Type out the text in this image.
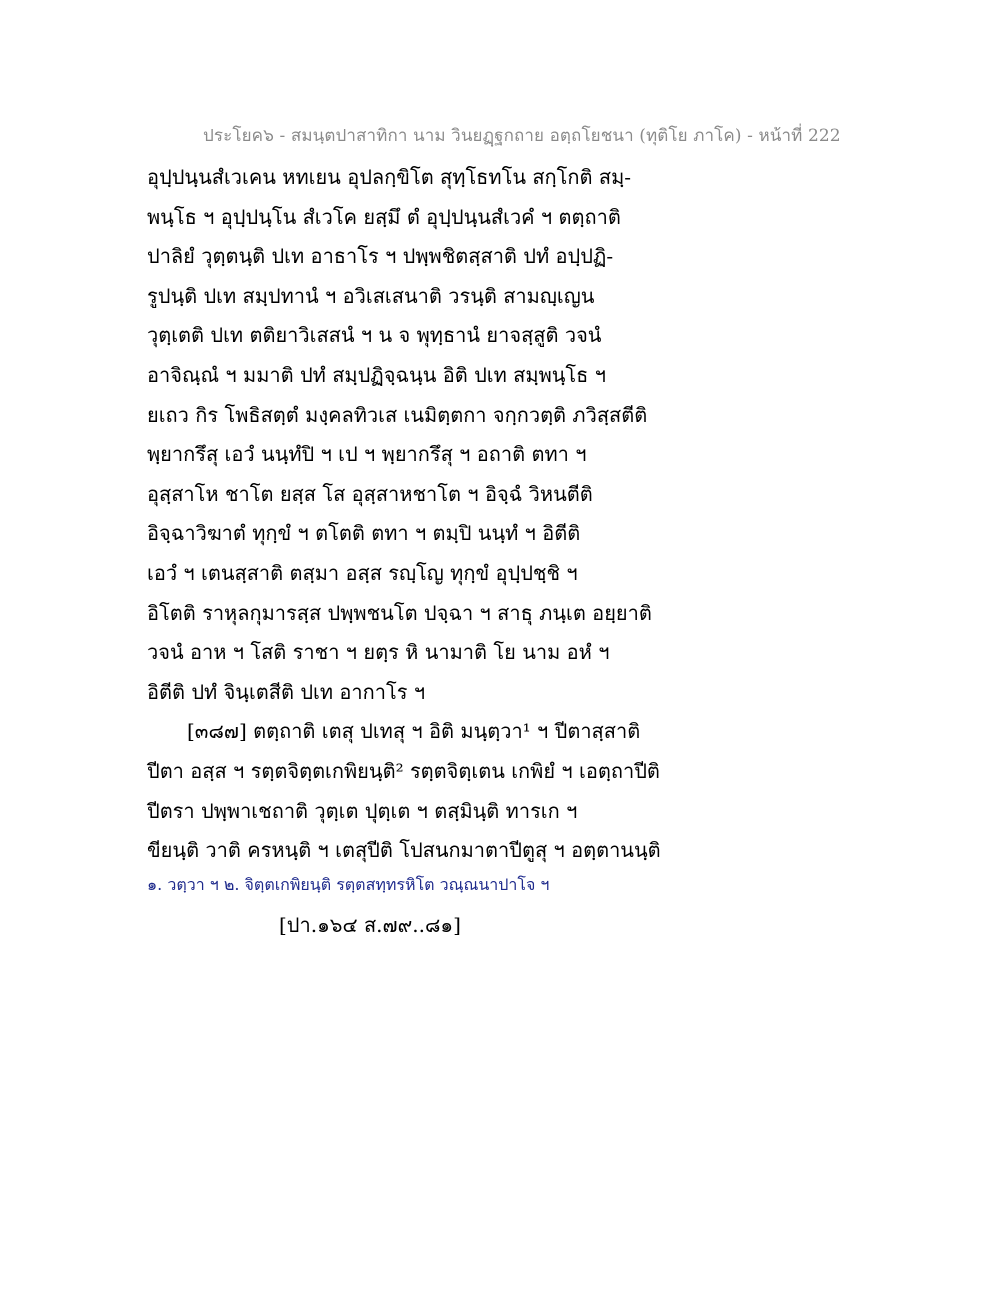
ประโยค๖ - สมนฺตปาสาทิกา นาม วินยฏฺฐกถาย อตฺถโยชนา (ทุติโย ภาโค) - หน้าที่ 222
อุปฺปนฺนสํเวเคน หทเยน อุปลกฺขิโต สุทฺโธทโน สกฺโกติ สมฺ-
พนฺโธ ฯ อุปฺปนฺโน สํเวโค ยสฺมึ ตํ อุปฺปนฺนสํเวคํ ฯ ตตฺถาติ
ปาลิยํ วุตฺตนฺติ ปเท อาธาโร ฯ ปพฺพชิตสฺสาติ ปทํ อปฺปฏิ-
รูปนฺติ ปเท สมฺปทานํ ฯ อวิเสเสนาติ วรนฺติ สามญฺเญน
วุตฺเตติ ปเท ตติยาวิเสสนํ ฯ น จ พุทฺธานํ ยาจสฺสูติ วจนํ
อาจิณฺณํ ฯ มมาติ ปทํ สมฺปฏิจฺฉนฺน อิติ ปเท สมฺพนฺโธ ฯ
ยเถว กิร โพธิสตฺตํ มงฺคลทิวเส เนมิตฺตกา จกฺกวตฺติ ภวิสฺสตีติ
พฺยากรึสุ เอวํ นนฺทํปิ ฯ เป ฯ พฺยากรึสุ ฯ อถาติ ตทา ฯ
อุสฺสาโห ชาโต ยสฺส โส อุสฺสาหชาโต ฯ อิจฺฉํ วิหนตีติ
อิจฺฉาวิฆาตํ ทุกฺขํ ฯ ตโตติ ตทา ฯ ตมฺปิ นนฺทํ ฯ อิตีติ
เอวํ ฯ เตนสฺสาติ ตสฺมา อสฺส รญฺโญ ทุกฺขํ อุปฺปชฺชิ ฯ
อิโตติ ราหุลกุมารสฺส ปพฺพชนโต ปจฺฉา ฯ สาธุ ภนฺเต อยฺยาติ
วจนํ อาห ฯ โสติ ราชา ฯ ยตฺร หิ นามาติ โย นาม อหํ ฯ
อิตีติ ปทํ จินฺเตสีติ ปเท อากาโร ฯ
[๓๘๗] ตตฺถาติ เตสุ ปเทสุ ฯ อิติ มนฺตฺวา¹ ฯ ปีตาสฺสาติ
ปีตา อสฺส ฯ รตฺตจิตฺตเกพิยนฺติ² รตฺตจิตฺเตน เกพิยํ ฯ เอตฺถาปีติ
ปีตรา ปพฺพาเชถาติ วุตฺเต ปุตฺเต ฯ ตสฺมินฺติ ทารเก ฯ
ขียนฺติ วาติ ครหนฺติ ฯ เตสุปีติ โปสนกมาตาปีตูสุ ฯ อตฺตานนฺติ
๑. วตฺวา ฯ ๒. จิตฺตเกพิยนฺติ รตฺตสทฺทรหิโต วณฺณนาปาโจ ฯ
[ปา.๑๖๔ ส.๗๙..๘๑]
